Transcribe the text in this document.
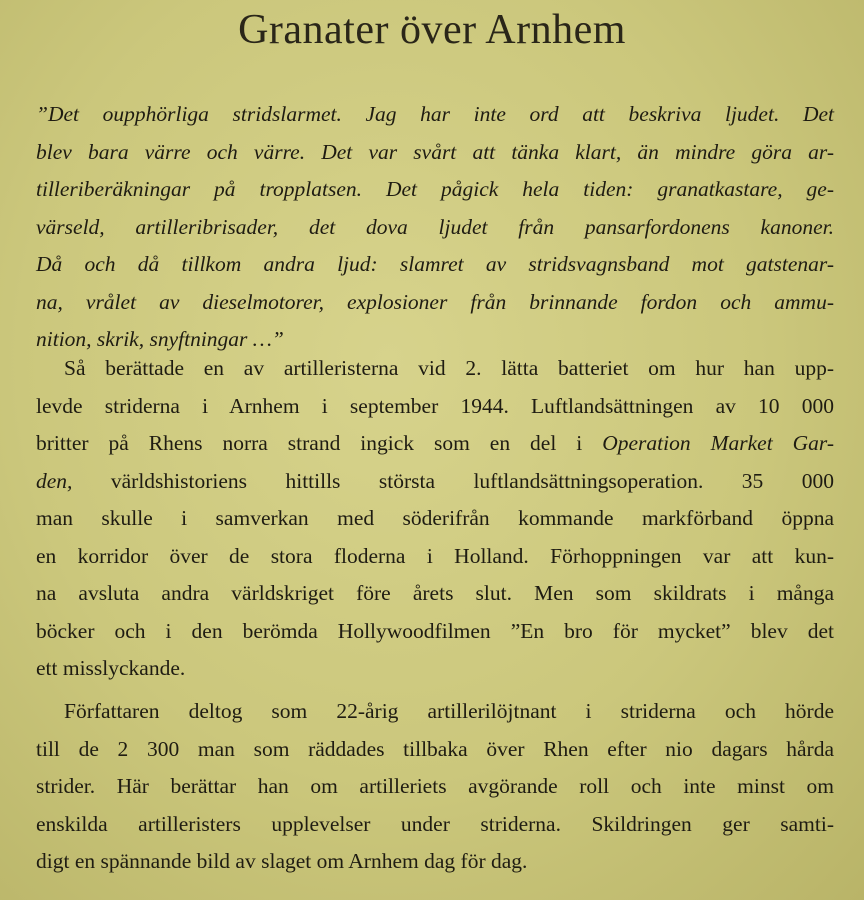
Granater över Arnhem
”Det oupphörliga stridslarmet. Jag har inte ord att beskriva ljudet. Det
blev bara värre och värre. Det var svårt att tänka klart, än mindre göra ar-
tilleriberäkningar på tropplatsen. Det pågick hela tiden: granatkastare, ge-
värseld, artilleribrisader, det dova ljudet från pansarfordonens kanoner.
Då och då tillkom andra ljud: slamret av stridsvagnsband mot gatstenar-
na, vrålet av dieselmotorer, explosioner från brinnande fordon och ammu-
nition, skrik, snyftningar …”
Så berättade en av artilleristerna vid 2. lätta batteriet om hur han upp-
levde striderna i Arnhem i september 1944. Luftlandsättningen av 10 000
britter på Rhens norra strand ingick som en del i Operation Market Gar-
den, världshistoriens hittills största luftlandsättningsoperation. 35 000
man skulle i samverkan med söderifrån kommande markförband öppna
en korridor över de stora floderna i Holland. Förhoppningen var att kun-
na avsluta andra världskriget före årets slut. Men som skildrats i många
böcker och i den berömda Hollywoodfilmen ”En bro för mycket” blev det
ett misslyckande.
Författaren deltog som 22-årig artillerilöjtnant i striderna och hörde
till de 2 300 man som räddades tillbaka över Rhen efter nio dagars hårda
strider. Här berättar han om artilleriets avgörande roll och inte minst om
enskilda artilleristers upplevelser under striderna. Skildringen ger samti-
digt en spännande bild av slaget om Arnhem dag för dag.
